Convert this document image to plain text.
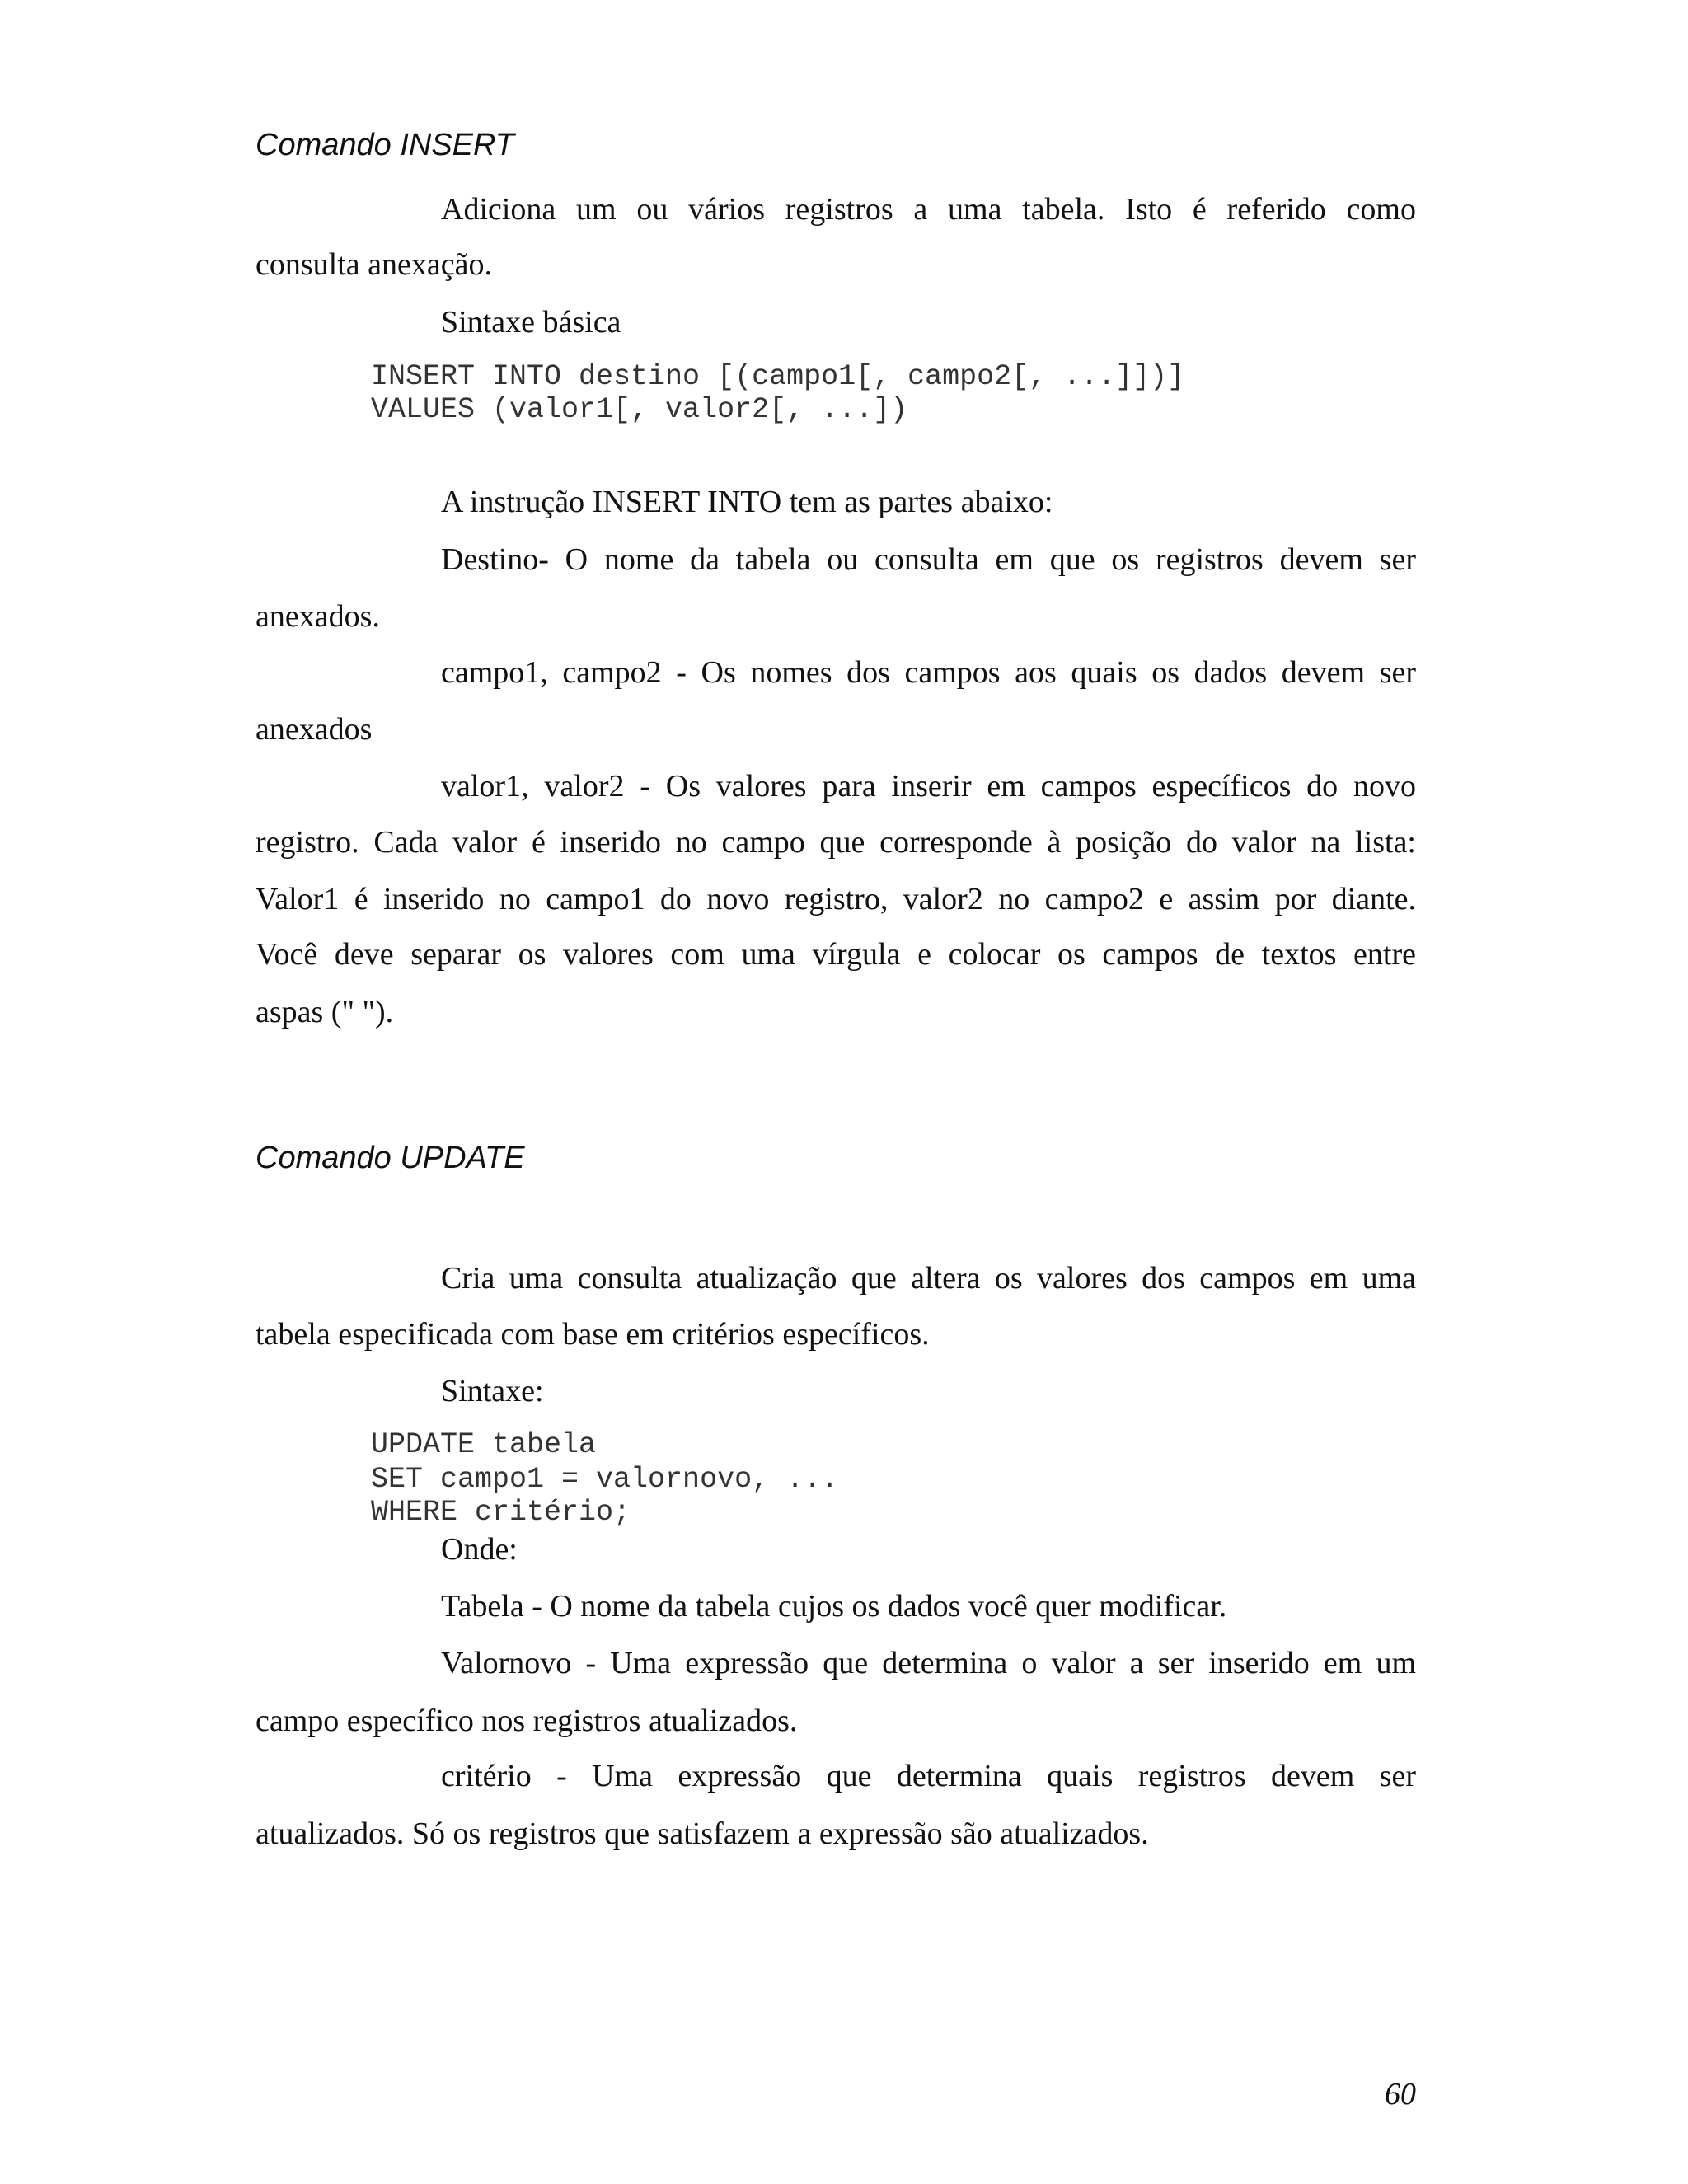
Comando INSERT
Adiciona um ou vários registros a uma tabela. Isto é referido como
consulta anexação.
Sintaxe básica
INSERT INTO destino [(campo1[, campo2[, ...]])]
VALUES (valor1[, valor2[, ...])
A instrução INSERT INTO tem as partes abaixo:
Destino- O nome da tabela ou consulta em que os registros devem ser
anexados.
campo1, campo2 - Os nomes dos campos aos quais os dados devem ser
anexados
valor1, valor2 - Os valores para inserir em campos específicos do novo
registro. Cada valor é inserido no campo que corresponde à posição do valor na lista:
Valor1 é inserido no campo1 do novo registro, valor2 no campo2 e assim por diante.
Você deve separar os valores com uma vírgula e colocar os campos de textos entre
aspas (" ").
Comando UPDATE
Cria uma consulta atualização que altera os valores dos campos em uma
tabela especificada com base em critérios específicos.
Sintaxe:
UPDATE tabela
SET campo1 = valornovo, ...
WHERE critério;
Onde:
Tabela - O nome da tabela cujos os dados você quer modificar.
Valornovo - Uma expressão que determina o valor a ser inserido em um
campo específico nos registros atualizados.
critério - Uma expressão que determina quais registros devem ser
atualizados. Só os registros que satisfazem a expressão são atualizados.
60
